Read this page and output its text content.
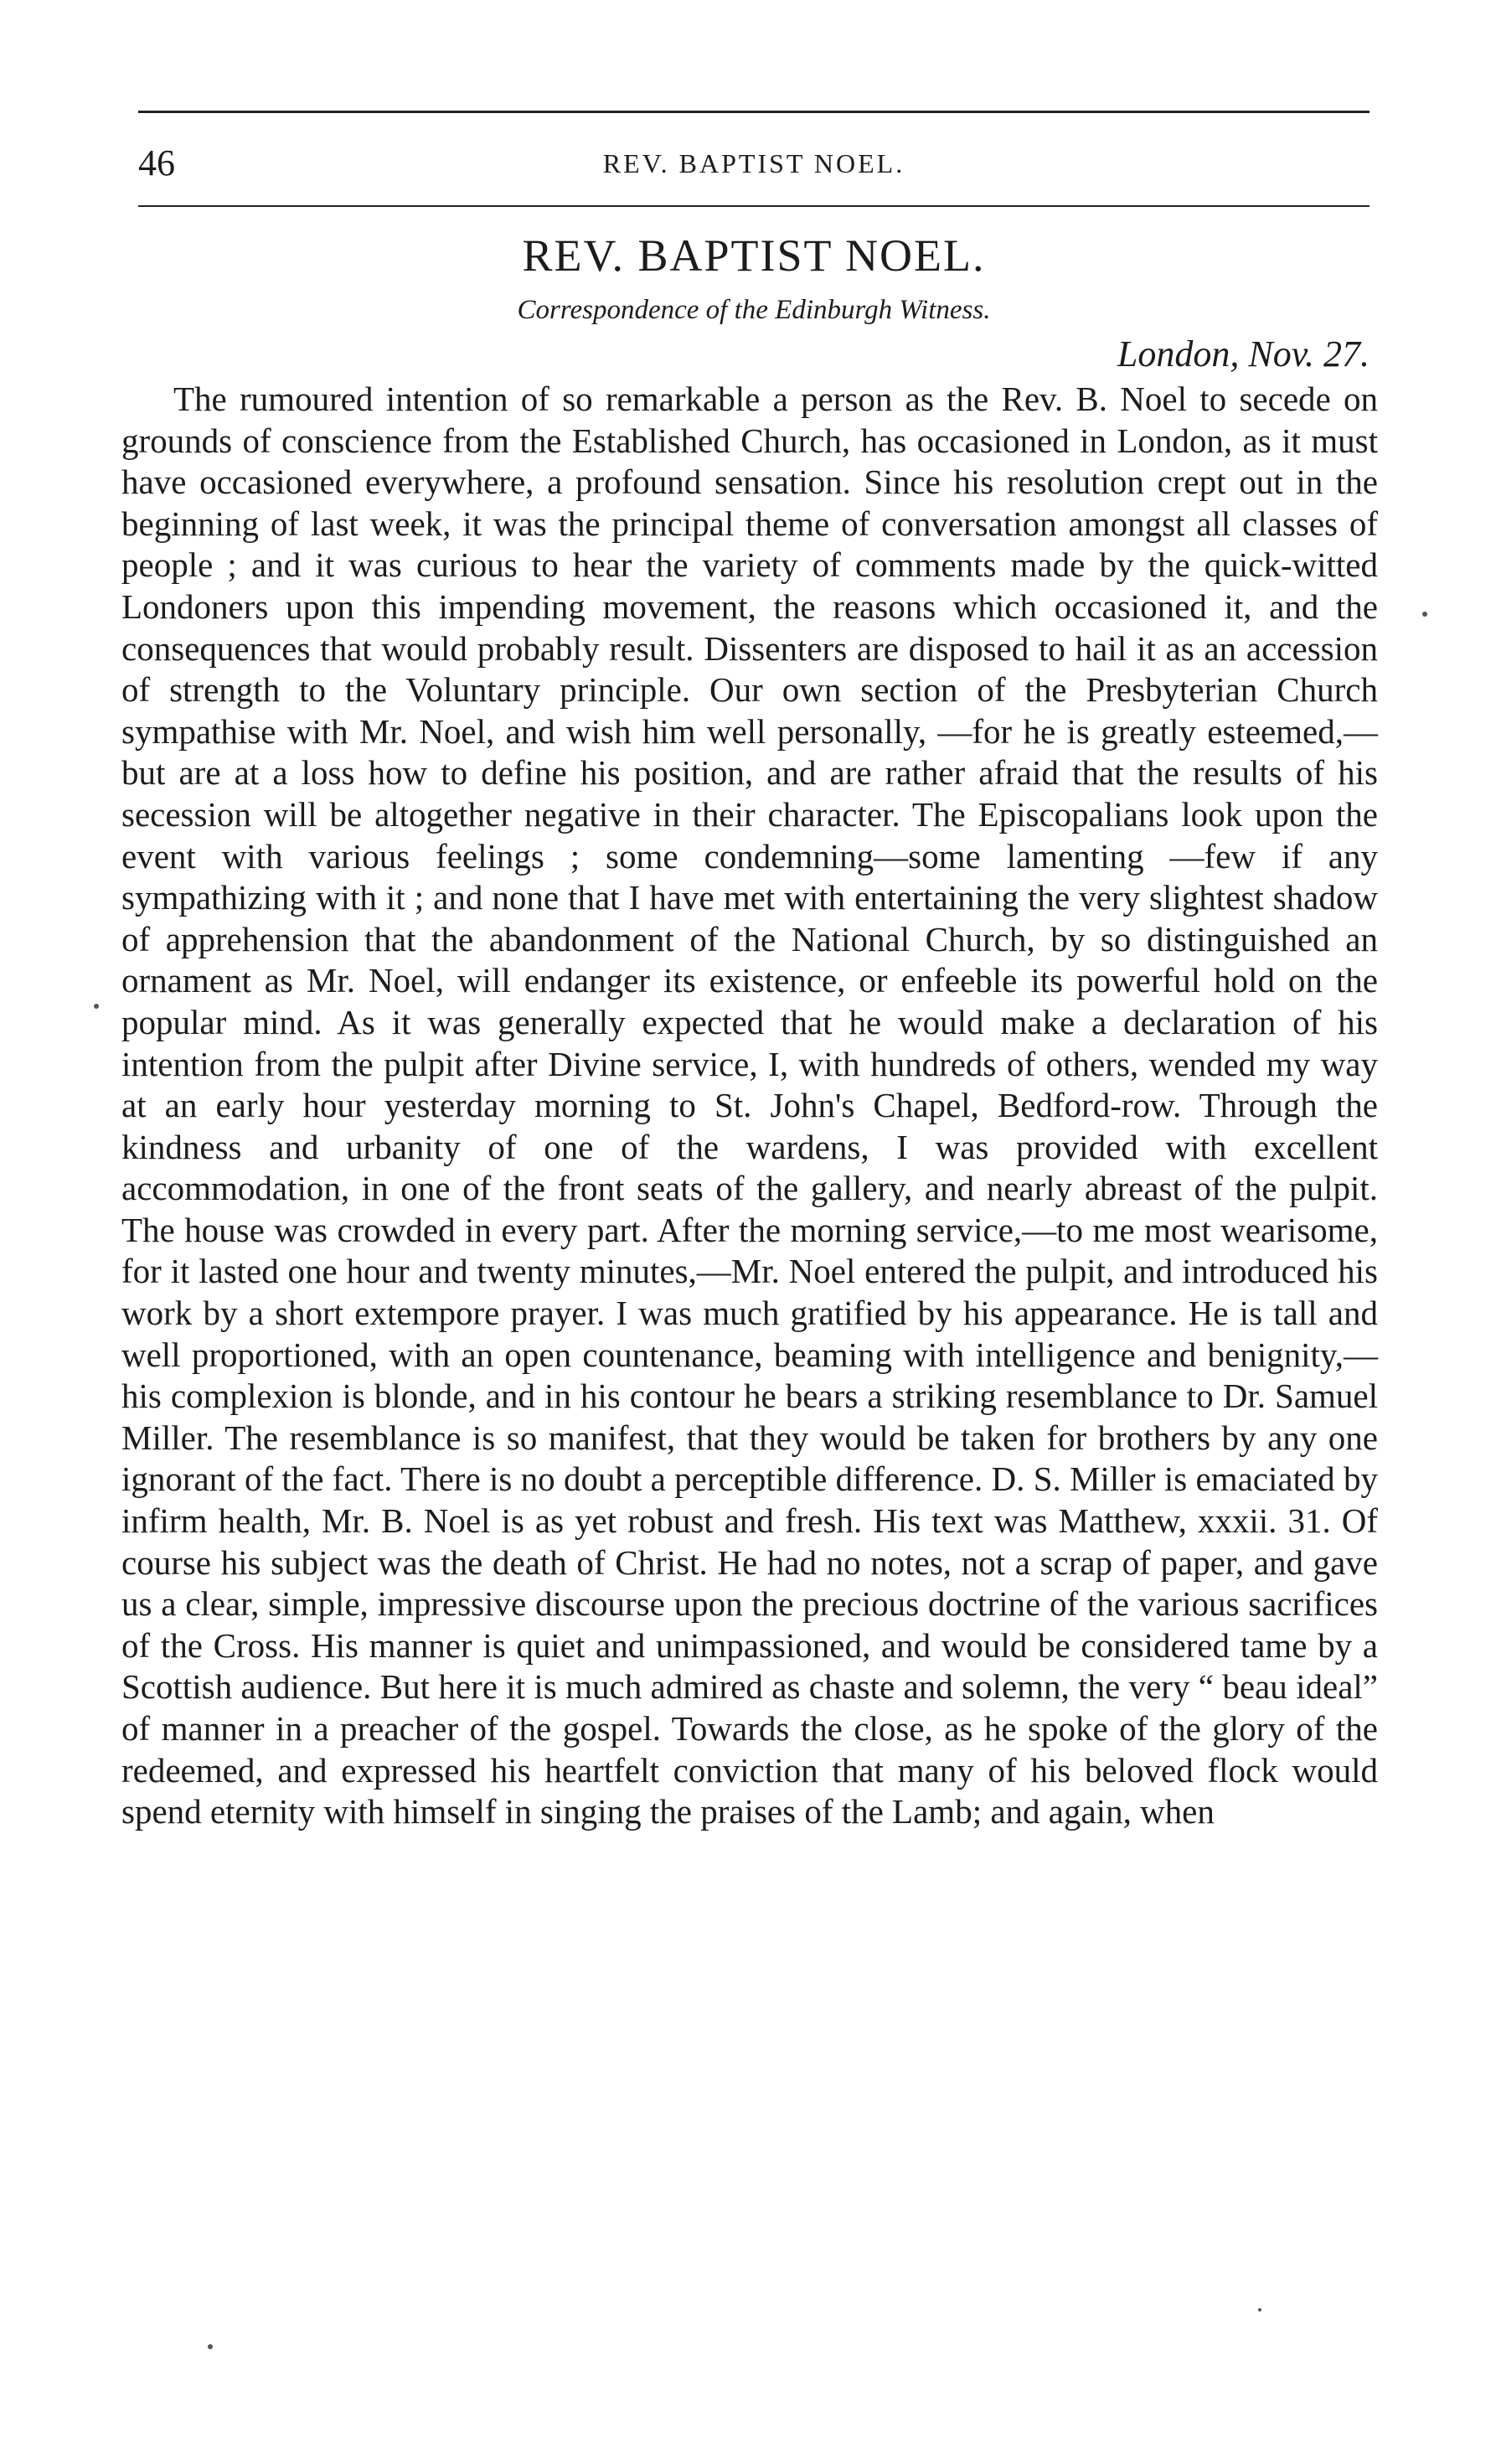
46	REV. BAPTIST NOEL.
REV. BAPTIST NOEL.
Correspondence of the Edinburgh Witness.
London, Nov. 27.

The rumoured intention of so remarkable a person as the Rev. B. Noel to secede on grounds of conscience from the Established Church, has occasioned in London, as it must have occasioned everywhere, a profound sensation. Since his resolution crept out in the beginning of last week, it was the principal theme of conversation amongst all classes of people ; and it was curious to hear the variety of comments made by the quick-witted Londoners upon this impending movement, the reasons which occasioned it, and the consequences that would probably result. Dissenters are disposed to hail it as an accession of strength to the Voluntary principle. Our own section of the Presbyterian Church sympathise with Mr. Noel, and wish him well personally, —for he is greatly esteemed,—but are at a loss how to define his position, and are rather afraid that the results of his secession will be altogether negative in their character. The Episcopalians look upon the event with various feelings ; some condemning—some lamenting —few if any sympathizing with it ; and none that I have met with entertaining the very slightest shadow of apprehension that the abandonment of the National Church, by so distinguished an ornament as Mr. Noel, will endanger its existence, or enfeeble its powerful hold on the popular mind. As it was generally expected that he would make a declaration of his intention from the pulpit after Divine service, I, with hundreds of others, wended my way at an early hour yesterday morning to St. John's Chapel, Bedford-row. Through the kindness and urbanity of one of the wardens, I was provided with excellent accommodation, in one of the front seats of the gallery, and nearly abreast of the pulpit. The house was crowded in every part. After the morning service,—to me most wearisome, for it lasted one hour and twenty minutes,—Mr. Noel entered the pulpit, and introduced his work by a short extempore prayer. I was much gratified by his appearance. He is tall and well proportioned, with an open countenance, beaming with intelligence and benignity,—his complexion is blonde, and in his contour he bears a striking resemblance to Dr. Samuel Miller. The resemblance is so manifest, that they would be taken for brothers by any one ignorant of the fact. There is no doubt a perceptible difference. D. S. Miller is emaciated by infirm health, Mr. B. Noel is as yet robust and fresh. His text was Matthew, xxxii. 31. Of course his subject was the death of Christ. He had no notes, not a scrap of paper, and gave us a clear, simple, impressive discourse upon the precious doctrine of the various sacrifices of the Cross. His manner is quiet and unimpassioned, and would be considered tame by a Scottish audience. But here it is much admired as chaste and solemn, the very “ beau ideal” of manner in a preacher of the gospel. Towards the close, as he spoke of the glory of the redeemed, and expressed his heartfelt conviction that many of his beloved flock would spend eternity with himself in singing the praises of the Lamb; and again, when
